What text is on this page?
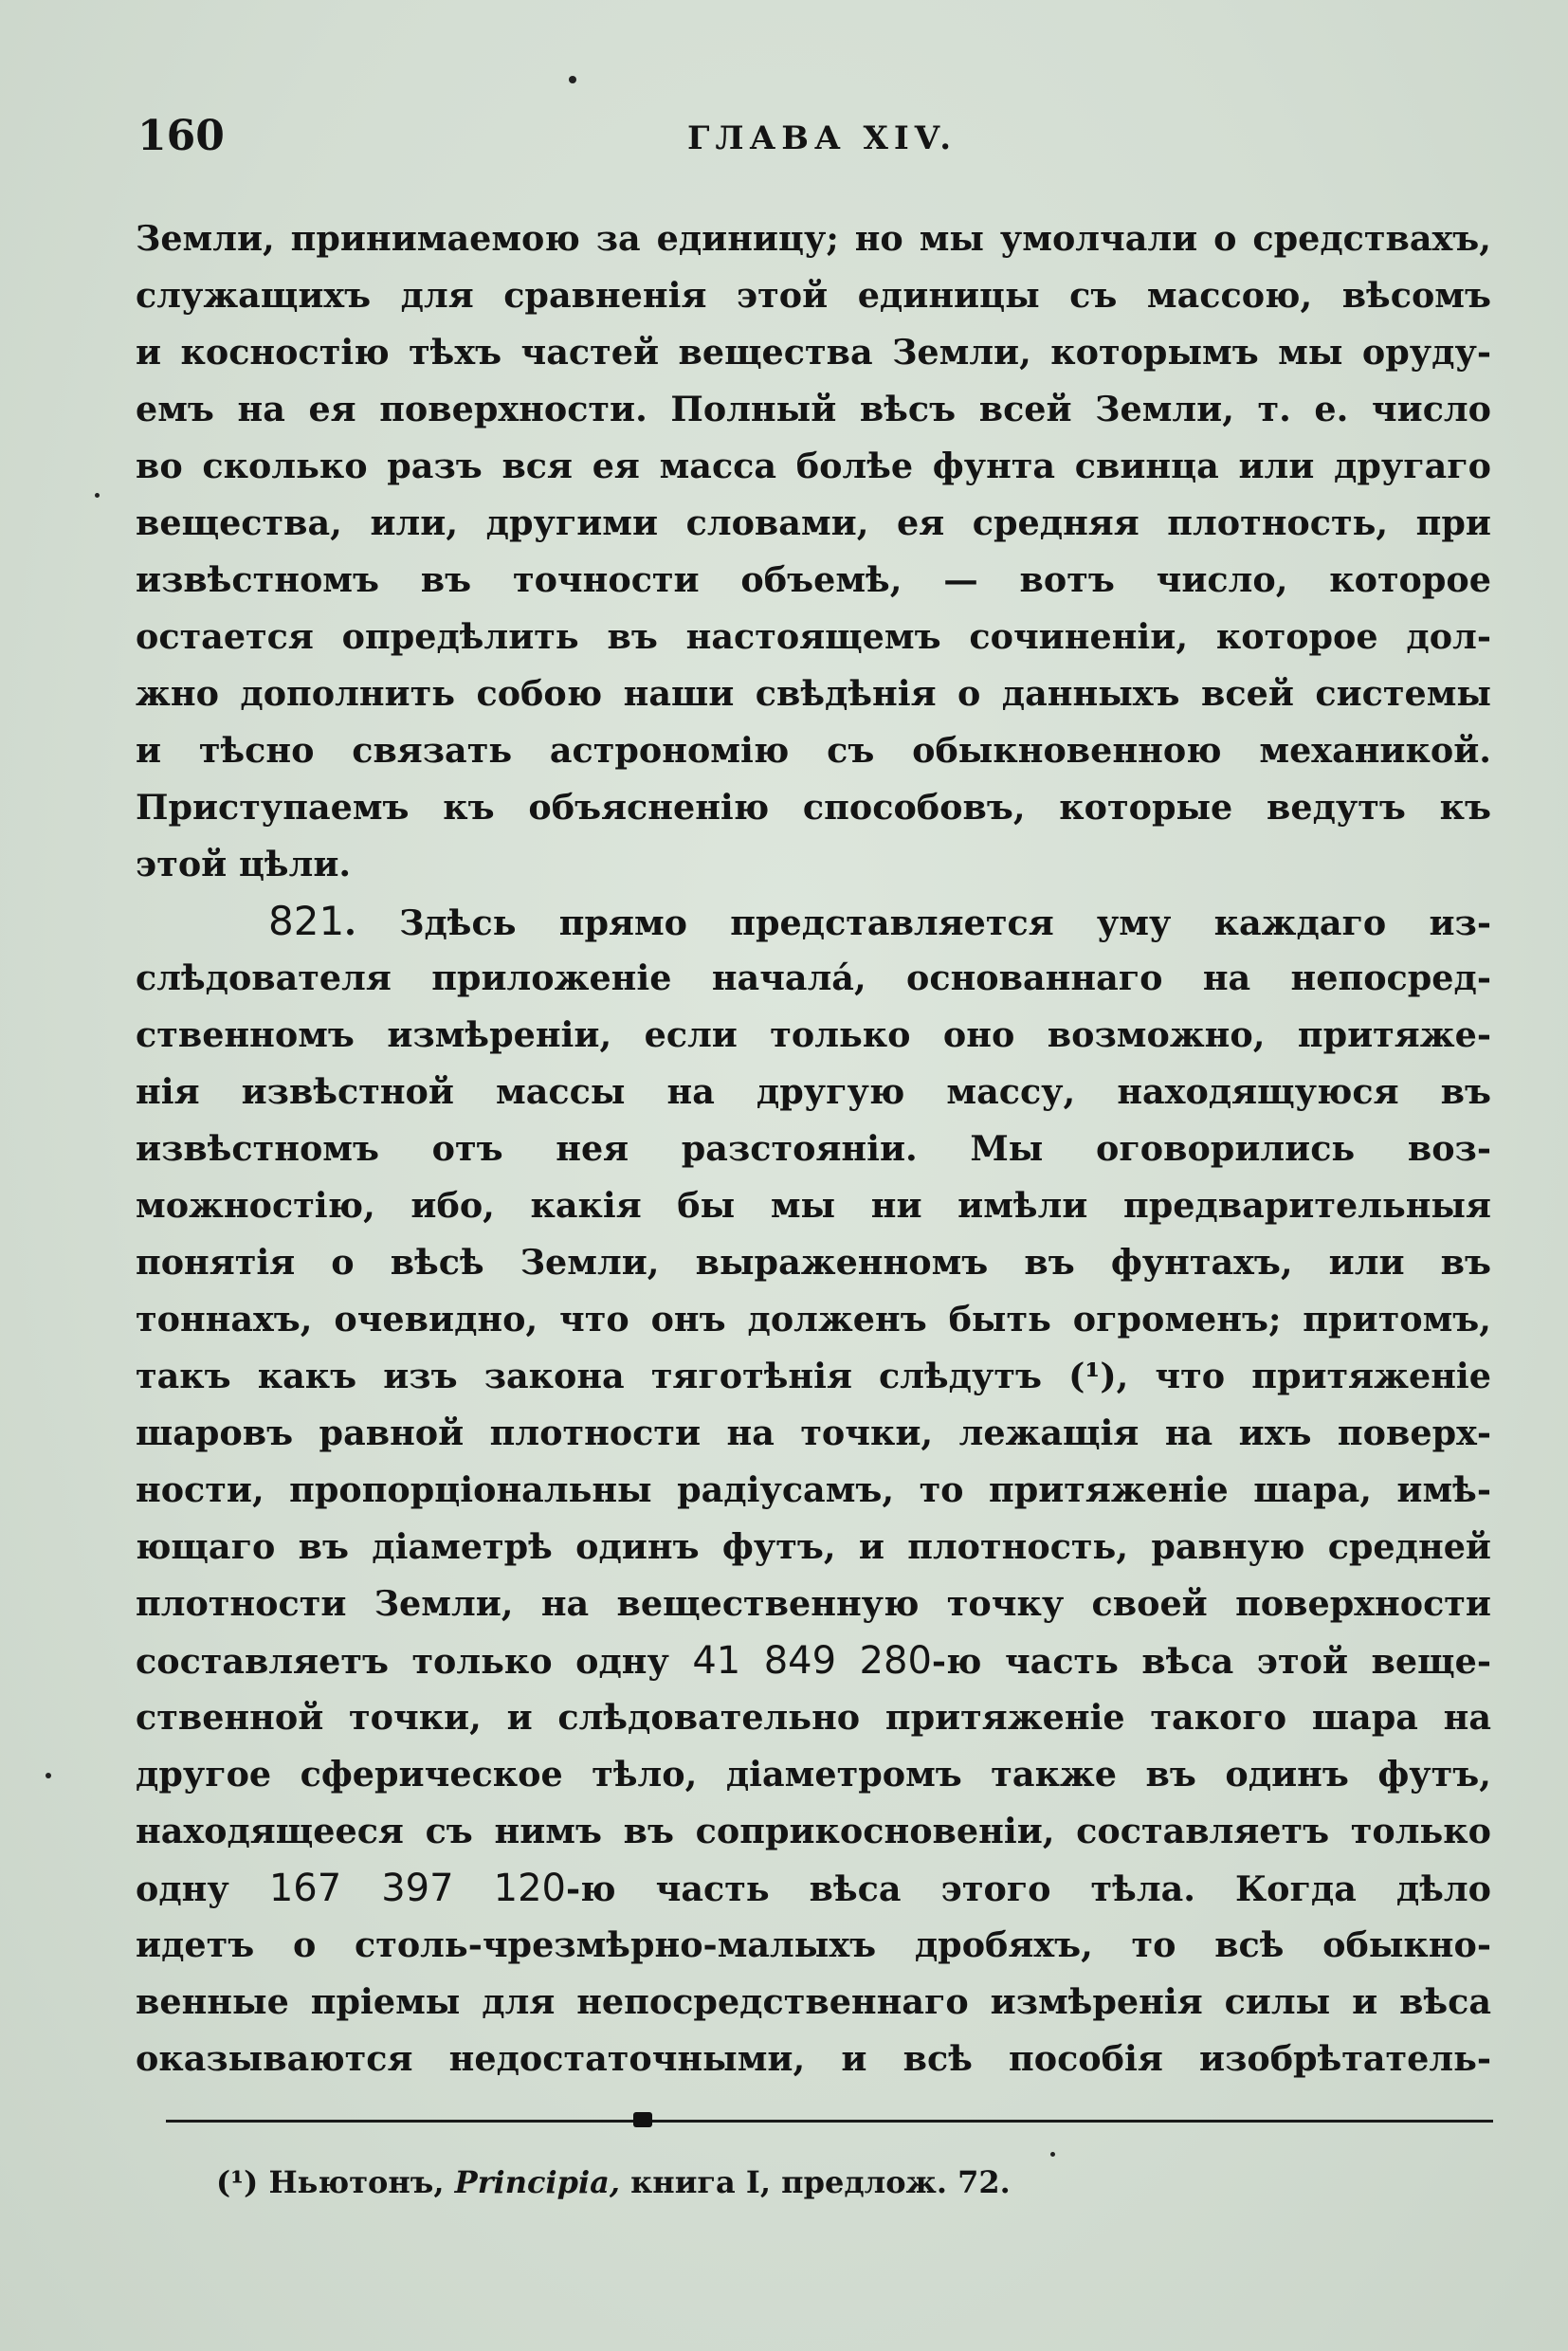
160	ГЛАВА XIV.
Земли, принимаемою за единицу; но мы умолчали о средствахъ,
служащихъ для сравненія этой единицы съ массою, вѣсомъ
и косностію тѣхъ частей вещества Земли, которымъ мы оруду-
емъ на ея поверхности. Полный вѣсъ всей Земли, т. е. число
во сколько разъ вся ея масса болѣе фунта свинца или другаго
вещества, или, другими словами, ея средняя плотность, при
извѣстномъ въ точности объемѣ, — вотъ число, которое
остается опредѣлить въ настоящемъ сочиненіи, которое дол-
жно дополнить собою наши свѣдѣнія о данныхъ всей системы
и тѣсно связать астрономію съ обыкновенною механикой.
Приступаемъ къ объясненію способовъ, которые ведутъ къ
этой цѣли.
821. Здѣсь прямо представляется уму каждаго из-
слѣдователя приложеніе начала́, основаннаго на непосред-
ственномъ измѣреніи, если только оно возможно, притяже-
нія извѣстной массы на другую массу, находящуюся въ
извѣстномъ отъ нея разстояніи. Мы оговорились воз-
можностію, ибо, какія бы мы ни имѣли предварительныя
понятія о вѣсѣ Земли, выраженномъ въ фунтахъ, или въ
тоннахъ, очевидно, что онъ долженъ быть огроменъ; притомъ,
такъ какъ изъ закона тяготѣнія слѣдутъ (¹), что притяженіе
шаровъ равной плотности на точки, лежащія на ихъ поверх-
ности, пропорціональны радіусамъ, то притяженіе шара, имѣ-
ющаго въ діаметрѣ одинъ футъ, и плотность, равную средней
плотности Земли, на вещественную точку своей поверхности
составляетъ только одну 41 849 280-ю часть вѣса этой веще-
ственной точки, и слѣдовательно притяженіе такого шара на
другое сферическое тѣло, діаметромъ также въ одинъ футъ,
находящееся съ нимъ въ соприкосновеніи, составляетъ только
одну 167 397 120-ю часть вѣса этого тѣла. Когда дѣло
идетъ о столь-чрезмѣрно-малыхъ дробяхъ, то всѣ обыкно-
венные пріемы для непосредственнаго измѣренія силы и вѣса
оказываются недостаточными, и всѣ пособія изобрѣтатель-
(¹) Ньютонъ, Principia, книга I, предлож. 72.
